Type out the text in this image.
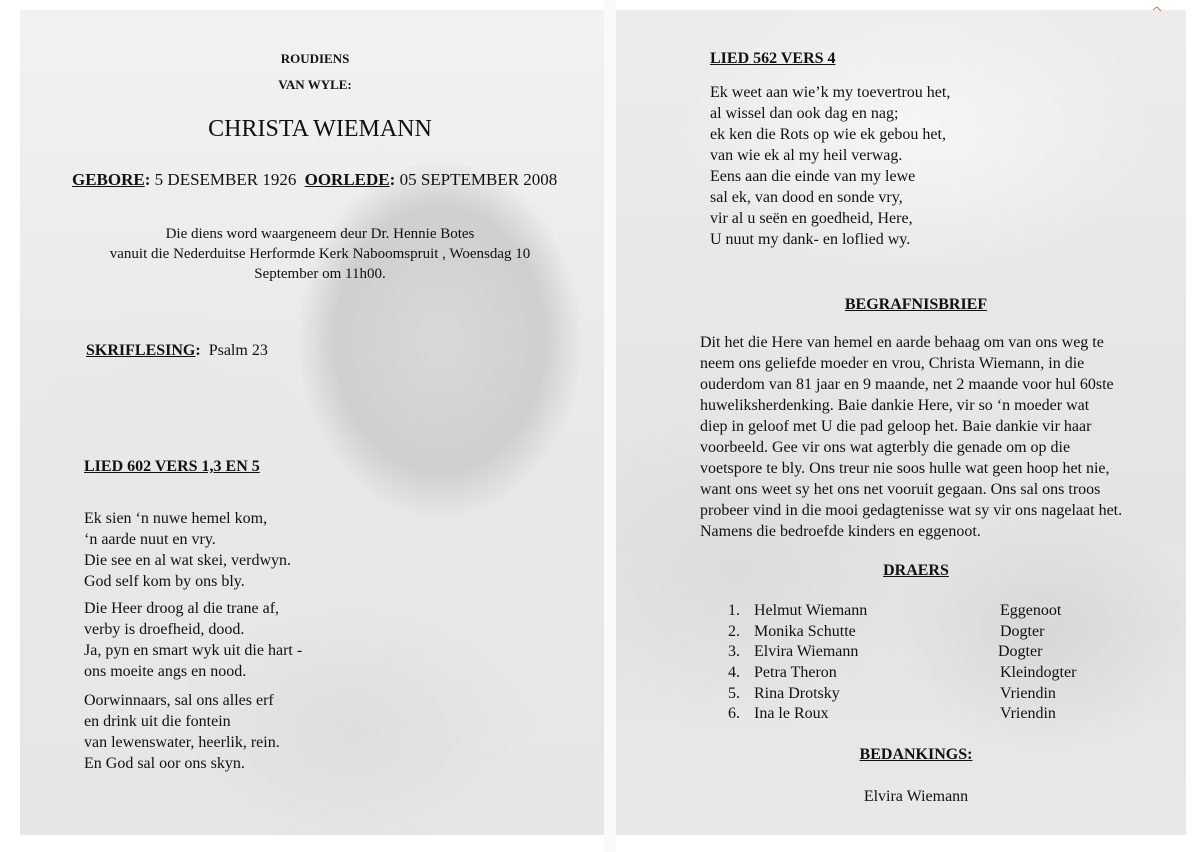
ROUDIENS
VAN WYLE:
CHRISTA WIEMANN
GEBORE: 5 DESEMBER 1926 OORLEDE: 05 SEPTEMBER 2008
Die diens word waargeneem deur Dr. Hennie Botes
vanuit die Nederduitse Herformde Kerk Naboomspruit , Woensdag 10
September om 11h00.
SKRIFLESING: Psalm 23
LIED 602 VERS 1,3 EN 5
Ek sien ‘n nuwe hemel kom,
‘n aarde nuut en vry.
Die see en al wat skei, verdwyn.
God self kom by ons bly.
Die Heer droog al die trane af,
verby is droefheid, dood.
Ja, pyn en smart wyk uit die hart -
ons moeite angs en nood.
Oorwinnaars, sal ons alles erf
en drink uit die fontein
van lewenswater, heerlik, rein.
En God sal oor ons skyn.
LIED 562 VERS 4
Ek weet aan wie’k my toevertrou het,
al wissel dan ook dag en nag;
ek ken die Rots op wie ek gebou het,
van wie ek al my heil verwag.
Eens aan die einde van my lewe
sal ek, van dood en sonde vry,
vir al u seën en goedheid, Here,
U nuut my dank- en loflied wy.
BEGRAFNISBRIEF
Dit het die Here van hemel en aarde behaag om van ons weg te
neem ons geliefde moeder en vrou, Christa Wiemann, in die
ouderdom van 81 jaar en 9 maande, net 2 maande voor hul 60ste
huweliksherdenking. Baie dankie Here, vir so ‘n moeder wat
diep in geloof met U die pad geloop het. Baie dankie vir haar
voorbeeld. Gee vir ons wat agterbly die genade om op die
voetspore te bly. Ons treur nie soos hulle wat geen hoop het nie,
want ons weet sy het ons net vooruit gegaan. Ons sal ons troos
probeer vind in die mooi gedagtenisse wat sy vir ons nagelaat het.
Namens die bedroefde kinders en eggenoot.
DRAERS
1. Helmut Wiemann	Eggenoot
2. Monika Schutte	Dogter
3. Elvira Wiemann	Dogter
4. Petra Theron	Kleindogter
5. Rina Drotsky	Vriendin
6. Ina le Roux	Vriendin
BEDANKINGS:
Elvira Wiemann
